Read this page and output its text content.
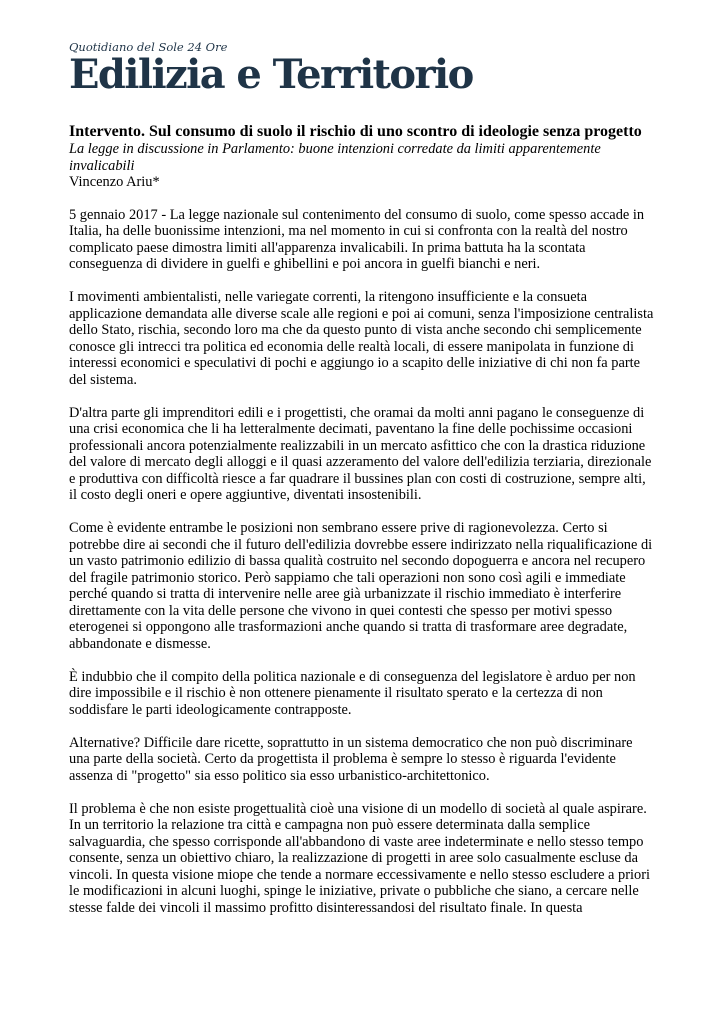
Quotidiano del Sole 24 Ore

Edilizia e Territorio

Intervento. Sul consumo di suolo il rischio di uno scontro di ideologie senza progetto

La legge in discussione in Parlamento: buone intenzioni corredate da limiti apparentemente invalicabili

Vincenzo Ariu*

5 gennaio 2017 - La legge nazionale sul contenimento del consumo di suolo, come spesso accade in Italia, ha delle buonissime intenzioni, ma nel momento in cui si confronta con la realtà del nostro complicato paese dimostra limiti all'apparenza invalicabili. In prima battuta ha la scontata conseguenza di dividere in guelfi e ghibellini e poi ancora in guelfi bianchi e neri.

I movimenti ambientalisti, nelle variegate correnti, la ritengono insufficiente e la consueta applicazione demandata alle diverse scale alle regioni e poi ai comuni, senza l'imposizione centralista dello Stato, rischia, secondo loro ma che da questo punto di vista anche secondo chi semplicemente conosce gli intrecci tra politica ed economia delle realtà locali, di essere manipolata in funzione di interessi economici e speculativi di pochi e aggiungo io a scapito delle iniziative di chi non fa parte del sistema.

D'altra parte gli imprenditori edili e i progettisti, che oramai da molti anni pagano le conseguenze di una crisi economica che li ha letteralmente decimati, paventano la fine delle pochissime occasioni professionali ancora potenzialmente realizzabili in un mercato asfittico che con la drastica riduzione del valore di mercato degli alloggi e il quasi azzeramento del valore dell'edilizia terziaria, direzionale e produttiva con difficoltà riesce a far quadrare il bussines plan con costi di costruzione, sempre alti, il costo degli oneri e opere aggiuntive, diventati insostenibili.

Come è evidente entrambe le posizioni non sembrano essere prive di ragionevolezza. Certo si potrebbe dire ai secondi che il futuro dell'edilizia dovrebbe essere indirizzato nella riqualificazione di un vasto patrimonio edilizio di bassa qualità costruito nel secondo dopoguerra e ancora nel recupero del fragile patrimonio storico. Però sappiamo che tali operazioni non sono così agili e immediate perché quando si tratta di intervenire nelle aree già urbanizzate il rischio immediato è interferire direttamente con la vita delle persone che vivono in quei contesti che spesso per motivi spesso eterogenei si oppongono alle trasformazioni anche quando si tratta di trasformare aree degradate, abbandonate e dismesse.

È indubbio che il compito della politica nazionale e di conseguenza del legislatore è arduo per non dire impossibile e il rischio è non ottenere pienamente il risultato sperato e la certezza di non soddisfare le parti ideologicamente contrapposte.

Alternative? Difficile dare ricette, soprattutto in un sistema democratico che non può discriminare una parte della società. Certo da progettista il problema è sempre lo stesso è riguarda l'evidente assenza di "progetto" sia esso politico sia esso urbanistico-architettonico.

Il problema è che non esiste progettualità cioè una visione di un modello di società al quale aspirare. In un territorio la relazione tra città e campagna non può essere determinata dalla semplice salvaguardia, che spesso corrisponde all'abbandono di vaste aree indeterminate e nello stesso tempo consente, senza un obiettivo chiaro, la realizzazione di progetti in aree solo casualmente escluse da vincoli. In questa visione miope che tende a normare eccessivamente e nello stesso escludere a priori le modificazioni in alcuni luoghi, spinge le iniziative, private o pubbliche che siano, a cercare nelle stesse falde dei vincoli il massimo profitto disinteressandosi del risultato finale. In questa
